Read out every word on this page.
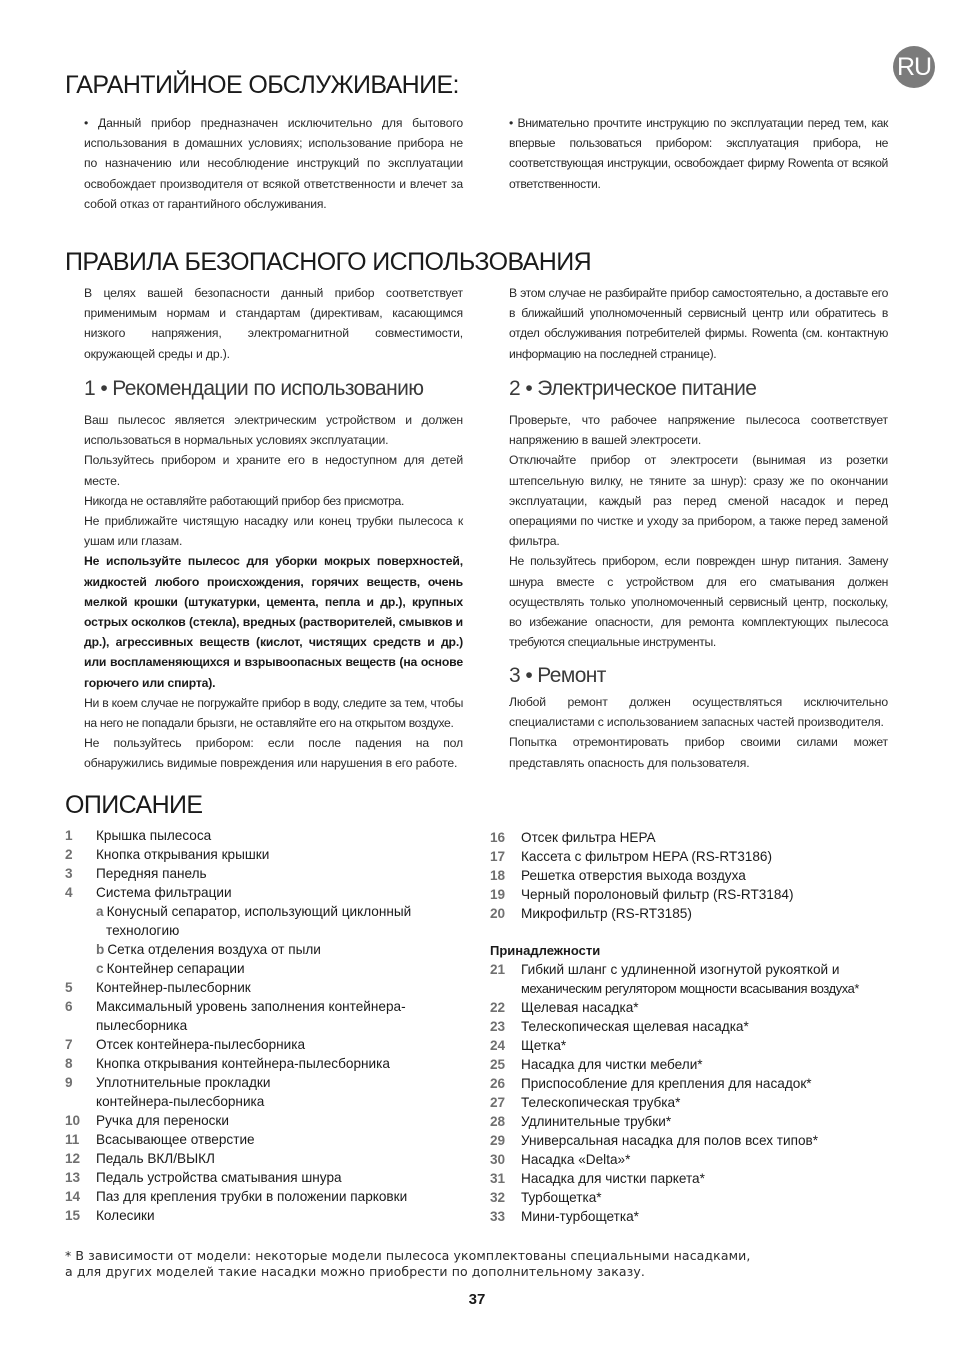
RU
ГАРАНТИЙНОЕ ОБСЛУЖИВАНИЕ:

• Данный прибор предназначен исключительно для бытового использования в домашних условиях; использование прибора не по назначению или несоблюдение инструкций по эксплуатации освобождает производителя от всякой ответственности и влечет за собой отказ от гарантийного обслуживания.

• Внимательно прочтите инструкцию по эксплуатации перед тем, как впервые пользоваться прибором: эксплуатация прибора, не соответствующая инструкции, освобождает фирму Rowenta от всякой ответственности.

ПРАВИЛА БЕЗОПАСНОГО ИСПОЛЬЗОВАНИЯ

В целях вашей безопасности данный прибор соответствует применимым нормам и стандартам (директивам, касающимся низкого напряжения, электромагнитной совместимости, окружающей среды и др.).

В этом случае не разбирайте прибор самостоятельно, а доставьте его в ближайший уполномоченный сервисный центр или обратитесь в отдел обслуживания потребителей фирмы. Rowenta (см. контактную информацию на последней странице).

1 • Рекомендации по использованию

Ваш пылесос является электрическим устройством и должен использоваться в нормальных условиях эксплуатации.

Пользуйтесь прибором и храните его в недоступном для детей месте.

Никогда не оставляйте работающий прибор без присмотра.

Не приближайте чистящую насадку или конец трубки пылесоса к ушам или глазам.

Не используйте пылесос для уборки мокрых поверхностей, жидкостей любого происхождения, горячих веществ, очень мелкой крошки (штукатурки, цемента, пепла и др.), крупных острых осколков (стекла), вредных (растворителей, смывков и др.), агрессивных веществ (кислот, чистящих средств и др.) или воспламеняющихся и взрывоопасных веществ (на основе горючего или спирта).

Ни в коем случае не погружайте прибор в воду, следите за тем, чтобы на него не попадали брызги, не оставляйте его на открытом воздухе.

Не пользуйтесь прибором: если после падения на пол обнаружились видимые повреждения или нарушения в его работе.

2 • Электрическое питание

Проверьте, что рабочее напряжение пылесоса соответствует напряжению в вашей электросети.

Отключайте прибор от электросети (вынимая из розетки штепсельную вилку, не тяните за шнур): сразу же по окончании эксплуатации, каждый раз перед сменой насадок и перед операциями по чистке и уходу за прибором, а также перед заменой фильтра.

Не пользуйтесь прибором, если поврежден шнур питания. Замену шнура вместе с устройством для его сматывания должен осуществлять только уполномоченный сервисный центр, поскольку, во избежание опасности, для ремонта комплектующих пылесоса требуются специальные инструменты.

3 • Ремонт

Любой ремонт должен осуществляться исключительно специалистами с использованием запасных частей производителя.

Попытка отремонтировать прибор своими силами может представлять опасность для пользователя.

ОПИСАНИЕ
1 Крышка пылесоса
2 Кнопка открывания крышки
3 Передняя панель
4 Система фильтрации
a Конусный сепаратор, использующий циклонный
технологию
b Сетка отделения воздуха от пыли
c Контейнер сепарации
5 Контейнер-пылесборник
6 Максимальный уровень заполнения контейнера-
пылесборника
7 Отсек контейнера-пылесборника
8 Кнопка открывания контейнера-пылесборника
9 Уплотнительные прокладки
контейнера-пылесборника
10 Ручка для переноски
11 Всасывающее отверстие
12 Педаль ВКЛ/ВЫКЛ
13 Педаль устройства сматывания шнура
14 Паз для крепления трубки в положении парковки
15 Колесики
16 Отсек фильтра HEPA
17 Кассета с фильтром HEPA (RS-RT3186)
18 Решетка отверстия выхода воздуха
19 Черный поролоновый фильтр (RS-RT3184)
20 Микрофильтр (RS-RT3185)
Принадлежности
21 Гибкий шланг с удлиненной изогнутой рукояткой и
механическим регулятором мощности всасывания воздуха*
22 Щелевая насадка*
23 Телескопическая щелевая насадка*
24 Щетка*
25 Насадка для чистки мебели*
26 Приспособление для крепления для насадок*
27 Телескопическая трубка*
28 Удлинительные трубки*
29 Универсальная насадка для полов всех типов*
30 Насадка «Delta»*
31 Насадка для чистки паркета*
32 Турбощетка*
33 Мини-турбощетка*
* В зависимости от модели: некоторые модели пылесоса укомплектованы специальными насадками,
а для других моделей такие насадки можно приобрести по дополнительному заказу.
37
